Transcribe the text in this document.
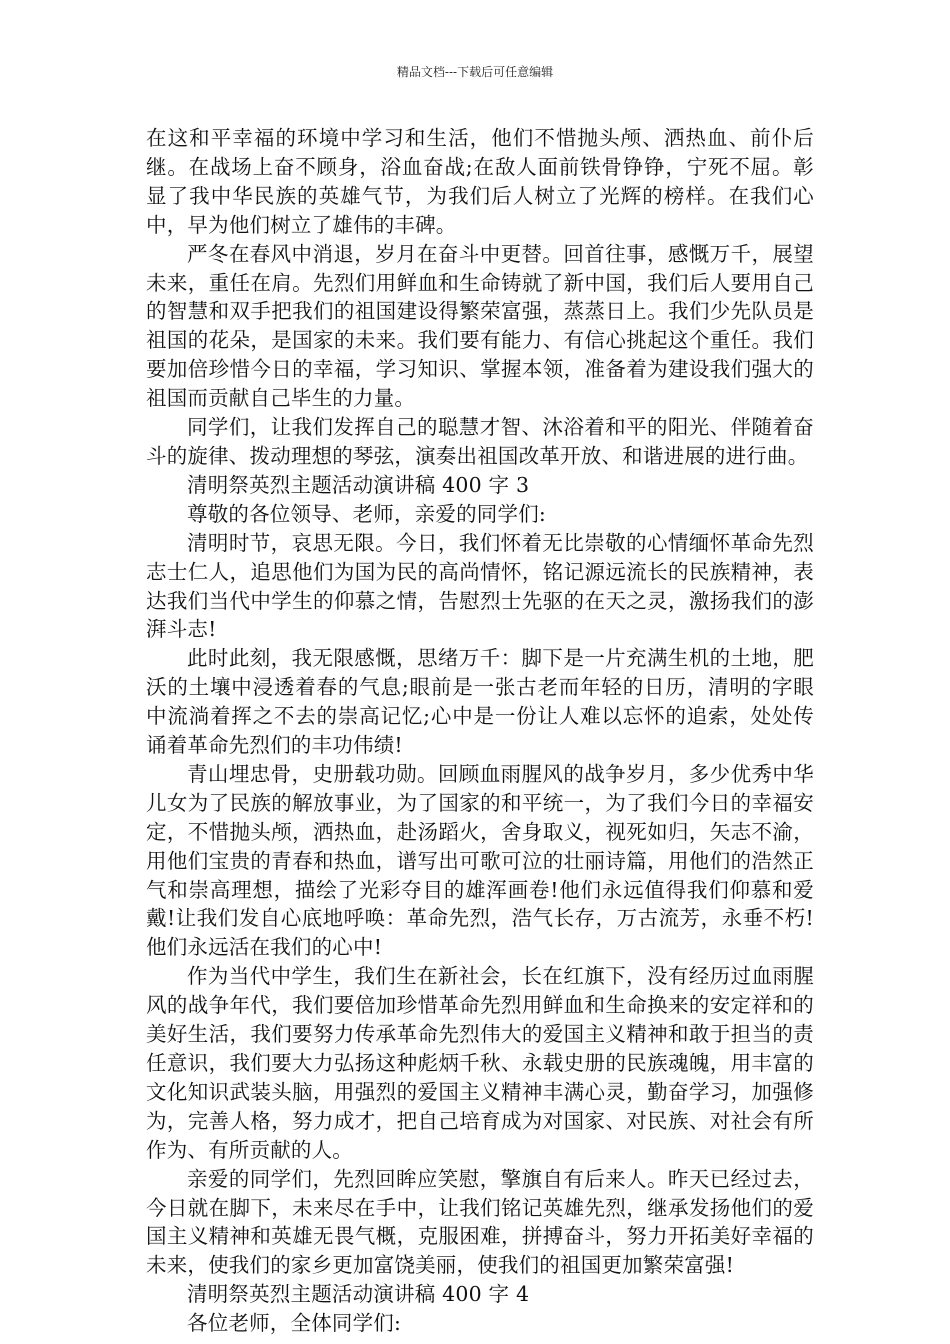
精品文档---下载后可任意编辑

在这和平幸福的环境中学习和生活，他们不惜抛头颅、洒热血、前仆后继。在战场上奋不顾身，浴血奋战;在敌人面前铁骨铮铮，宁死不屈。彰显了我中华民族的英雄气节，为我们后人树立了光辉的榜样。在我们心中，早为他们树立了雄伟的丰碑。

严冬在春风中消退，岁月在奋斗中更替。回首往事，感慨万千，展望未来，重任在肩。先烈们用鲜血和生命铸就了新中国，我们后人要用自己的智慧和双手把我们的祖国建设得繁荣富强，蒸蒸日上。我们少先队员是祖国的花朵，是国家的未来。我们要有能力、有信心挑起这个重任。我们要加倍珍惜今日的幸福，学习知识、掌握本领，准备着为建设我们强大的祖国而贡献自己毕生的力量。

同学们，让我们发挥自己的聪慧才智、沐浴着和平的阳光、伴随着奋斗的旋律、拨动理想的琴弦，演奏出祖国改革开放、和谐进展的进行曲。

清明祭英烈主题活动演讲稿 400 字 3

尊敬的各位领导、老师，亲爱的同学们:

清明时节，哀思无限。今日，我们怀着无比崇敬的心情缅怀革命先烈志士仁人，追思他们为国为民的高尚情怀，铭记源远流长的民族精神，表达我们当代中学生的仰慕之情，告慰烈士先驱的在天之灵，激扬我们的澎湃斗志!

此时此刻，我无限感慨，思绪万千：脚下是一片充满生机的土地，肥沃的土壤中浸透着春的气息;眼前是一张古老而年轻的日历，清明的字眼中流淌着挥之不去的崇高记忆;心中是一份让人难以忘怀的追索，处处传诵着革命先烈们的丰功伟绩!

青山埋忠骨，史册载功勋。回顾血雨腥风的战争岁月，多少优秀中华儿女为了民族的解放事业，为了国家的和平统一，为了我们今日的幸福安定，不惜抛头颅，洒热血，赴汤蹈火，舍身取义，视死如归，矢志不渝，用他们宝贵的青春和热血，谱写出可歌可泣的壮丽诗篇，用他们的浩然正气和崇高理想，描绘了光彩夺目的雄浑画卷!他们永远值得我们仰慕和爱戴!让我们发自心底地呼唤：革命先烈，浩气长存，万古流芳，永垂不朽!他们永远活在我们的心中!

作为当代中学生，我们生在新社会，长在红旗下，没有经历过血雨腥风的战争年代，我们要倍加珍惜革命先烈用鲜血和生命换来的安定祥和的美好生活，我们要努力传承革命先烈伟大的爱国主义精神和敢于担当的责任意识，我们要大力弘扬这种彪炳千秋、永载史册的民族魂魄，用丰富的文化知识武装头脑，用强烈的爱国主义精神丰满心灵，勤奋学习，加强修为，完善人格，努力成才，把自己培育成为对国家、对民族、对社会有所作为、有所贡献的人。

亲爱的同学们，先烈回眸应笑慰，擎旗自有后来人。昨天已经过去，今日就在脚下，未来尽在手中，让我们铭记英雄先烈，继承发扬他们的爱国主义精神和英雄无畏气概，克服困难，拼搏奋斗，努力开拓美好幸福的未来，使我们的家乡更加富饶美丽，使我们的祖国更加繁荣富强!

清明祭英烈主题活动演讲稿 400 字 4

各位老师，全体同学们:
